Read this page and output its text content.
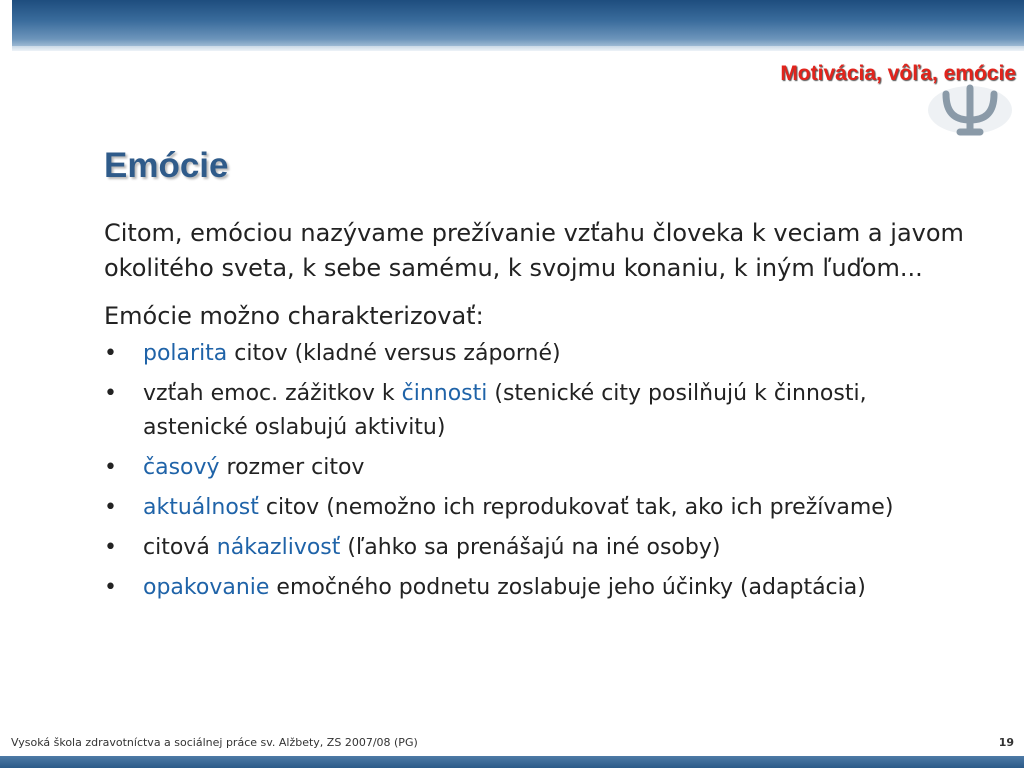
Motivácia, vôľa, emócie
Emócie

Citom, emóciou nazývame prežívanie vzťahu človeka k veciam a javom okolitého sveta, k sebe samému, k svojmu konaniu, k iným ľuďom...

Emócie možno charakterizovať:

• polarita citov (kladné versus záporné)
• vzťah emoc. zážitkov k činnosti (stenické city posilňujú k činnosti, astenické oslabujú aktivitu)
• časový rozmer citov
• aktuálnosť citov (nemožno ich reprodukovať tak, ako ich prežívame)
• citová nákazlivosť (ľahko sa prenášajú na iné osoby)
• opakovanie emočného podnetu zoslabuje jeho účinky (adaptácia)
Vysoká škola zdravotníctva a sociálnej práce sv. Alžbety, ZS 2007/08 (PG)	19
